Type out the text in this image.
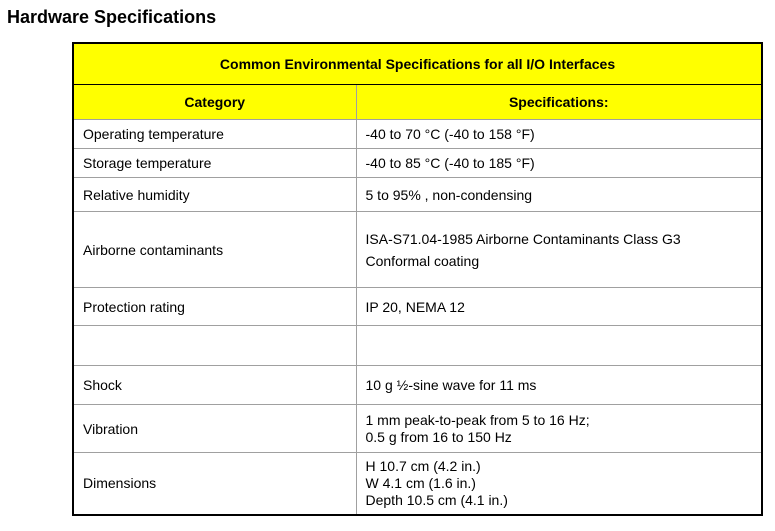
Hardware Specifications
Common Environmental Specifications for all I/O Interfaces	
Category	Specifications:
Operating temperature	-40 to 70 °C (-40 to 158 °F)

Storage temperature	-40 to 85 °C (-40 to 185 °F)

Relative humidity	5 to 95% , non-condensing

Airborne contaminants	ISA-S71.04-1985 Airborne Contaminants Class G3
Conformal coating

Protection rating	IP 20, NEMA 12

Shock	10 g ½-sine wave for 11 ms

Vibration	1 mm peak-to-peak from 5 to 16 Hz;
0.5 g from 16 to 150 Hz

Dimensions	H 10.7 cm (4.2 in.)
W 4.1 cm (1.6 in.)
Depth 10.5 cm (4.1 in.)
